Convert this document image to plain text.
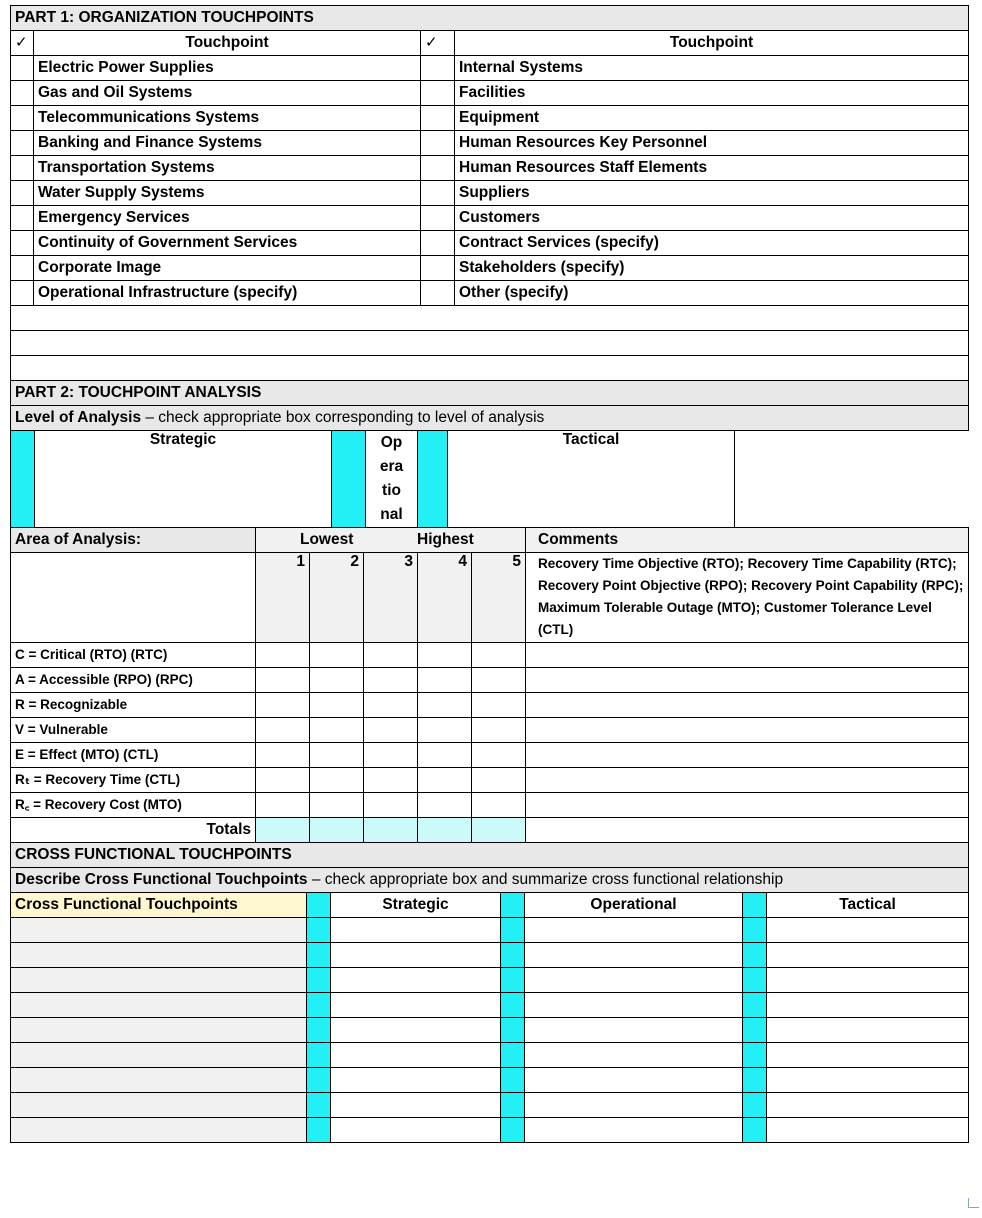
PART 1: ORGANIZATION TOUCHPOINTS			
✓	Touchpoint	✓	Touchpoint
	Electric Power Supplies		Internal Systems
	Gas and Oil Systems		Facilities
	Telecommunications Systems		Equipment
	Banking and Finance Systems		Human Resources Key Personnel
	Transportation Systems		Human Resources Staff Elements
	Water Supply Systems		Suppliers
	Emergency Services		Customers
	Continuity of Government Services		Contract Services (specify)
	Corporate Image		Stakeholders (specify)
	Operational Infrastructure (specify)		Other (specify)

PART 2: TOUCHPOINT ANALYSIS
Level of Analysis – check appropriate box corresponding to level of analysis
	Strategic		Op
era
tio
nal
		Tactical	
Area of Analysis:	Lowest Highest					Comments
	1	2	3	4	5	Recovery Time Objective (RTO); Recovery Time Capability (RTC); Recovery Point Objective (RPO); Recovery Point Capability (RPC); Maximum Tolerable Outage (MTO); Customer Tolerance Level (CTL)
C = Critical (RTO) (RTC)						
A = Accessible (RPO) (RPC)						
R = Recognizable						
V = Vulnerable						
E = Effect (MTO) (CTL)						
Rₜ = Recovery Time (CTL)						
R꜀ = Recovery Cost (MTO)						
Totals						
CROSS FUNCTIONAL TOUCHPOINTS						
Describe Cross Functional Touchpoints – check appropriate box and summarize cross functional relationship						
Cross Functional Touchpoints		Strategic		Operational		Tactical
